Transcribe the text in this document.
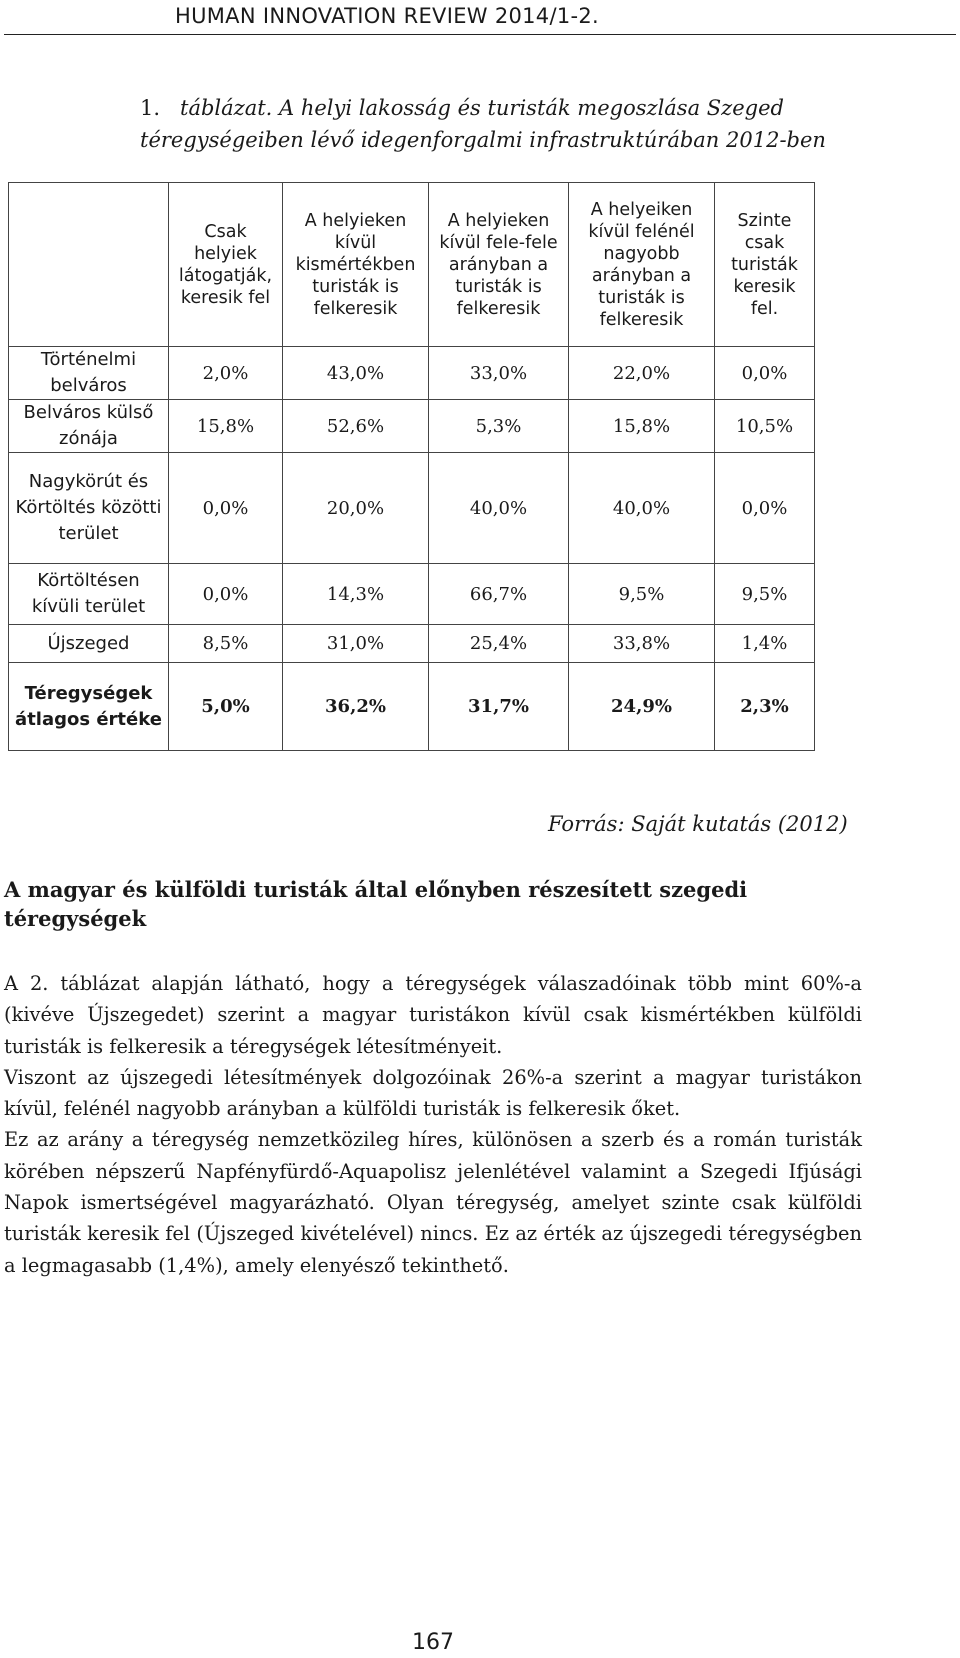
HUMAN INNOVATION REVIEW 2014/1-2.
1. táblázat. A helyi lakosság és turisták megoszlása Szeged téregységeiben lévő idegenforgalmi infrastruktúrában 2012-ben
	Csak helyiek látogatják, keresik fel	A helyieken kívül kismértékben turisták is felkeresik	A helyieken kívül fele-fele arányban a turisták is felkeresik	A helyeiken kívül felénél nagyobb arányban a turisták is felkeresik	Szinte csak turisták keresik fel.
Történelmi belváros	2,0%	43,0%	33,0%	22,0%	0,0%
Belváros külső zónája	15,8%	52,6%	5,3%	15,8%	10,5%
Nagykörút és Körtöltés közötti terület	0,0%	20,0%	40,0%	40,0%	0,0%
Körtöltésen kívüli terület	0,0%	14,3%	66,7%	9,5%	9,5%
Újszeged	8,5%	31,0%	25,4%	33,8%	1,4%
Téregységek átlagos értéke	5,0%	36,2%	31,7%	24,9%	2,3%
Forrás: Saját kutatás (2012)
A magyar és külföldi turisták által előnyben részesített szegedi téregységek

A 2. táblázat alapján látható, hogy a téregységek válaszadóinak több mint 60%-a (kivéve Újszegedet) szerint a magyar turistákon kívül csak kismértékben külföldi turisták is felkeresik a téregységek létesítményeit.

Viszont az újszegedi létesítmények dolgozóinak 26%-a szerint a magyar turistákon kívül, felénél nagyobb arányban a külföldi turisták is felkeresik őket.

Ez az arány a téregység nemzetközileg híres, különösen a szerb és a román turisták körében népszerű Napfényfürdő-Aquapolisz jelenlétével valamint a Szegedi Ifjúsági Napok ismertségével magyarázható. Olyan téregység, amelyet szinte csak külföldi turisták keresik fel (Újszeged kivételével) nincs. Ez az érték az újszegedi téregységben a legmagasabb (1,4%), amely elenyésző tekinthető.

167
